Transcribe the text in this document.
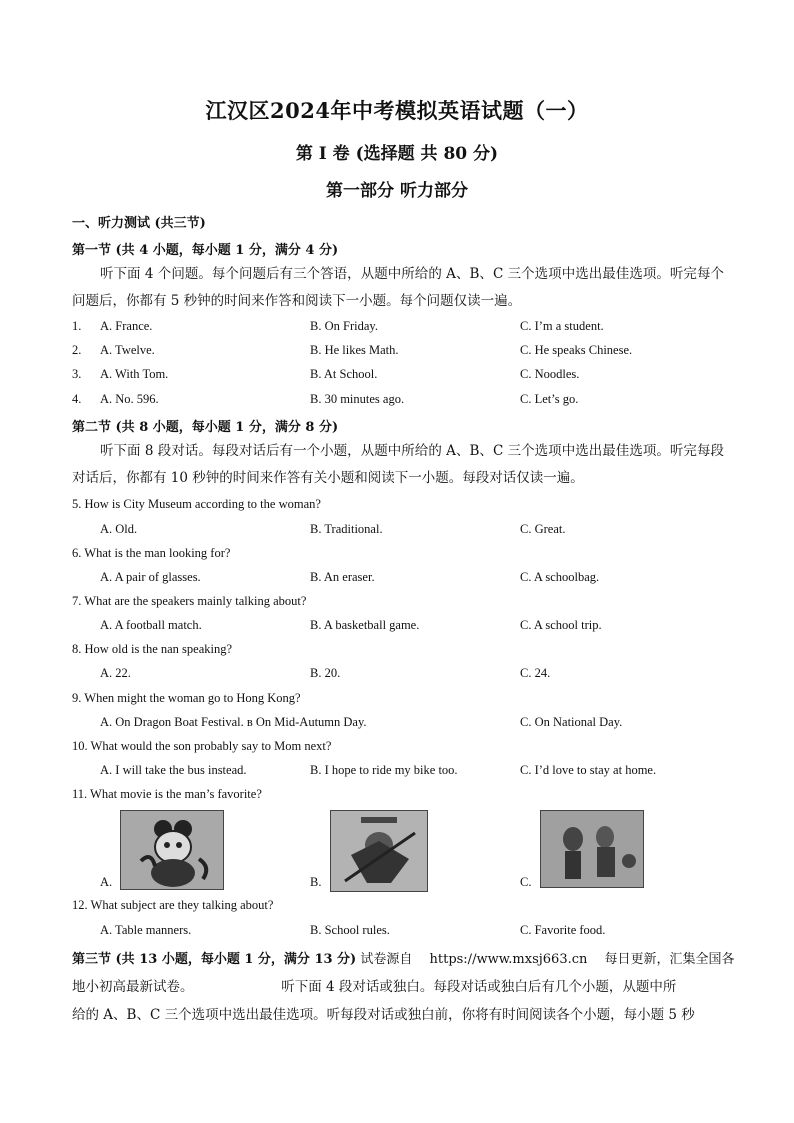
江汉区2024年中考模拟英语试题（一）
第 I 卷 (选择题 共 80 分)
第一部分 听力部分
一、听力测试 (共三节)
第一节 (共 4 小题，每小题 1 分，满分 4 分)
听下面 4 个问题。每个问题后有三个答语，从题中所给的 A、B、C 三个选项中选出最佳选项。听完每个问题后，你都有 5 秒钟的时间来作答和阅读下一小题。每个问题仅读一遍。
1. A. France.	B. On Friday.	C. I’m a student.
2. A. Twelve.	B. He likes Math.	C. He speaks Chinese.
3. A. With Tom.	B. At School.	C. Noodles.
4. A. No. 596.	B. 30 minutes ago.	C. Let’s go.
第二节 (共 8 小题，每小题 1 分，满分 8 分)
听下面 8 段对话。每段对话后有一个小题，从题中所给的 A、B、C 三个选项中选出最佳选项。听完每段对话后，你都有 10 秒钟的时间来作答有关小题和阅读下一小题。每段对话仅读一遍。
5. How is City Museum according to the woman?
A. Old.	B. Traditional.	C. Great.
6. What is the man looking for?
A. A pair of glasses.	B. An eraser.	C. A schoolbag.
7. What are the speakers mainly talking about?
A. A football match.	B. A basketball game.	C. A school trip.
8. How old is the nan speaking?
A. 22.	B. 20.	C. 24.
9. When might the woman go to Hong Kong?
A. On Dragon Boat Festival. в On Mid-Autumn Day.	C. On National Day.
10. What would the son probably say to Mom next?
A. I will take the bus instead.	B. I hope to ride my bike too.	C. I’d love to stay at home.
11. What movie is the man’s favorite?
A.	B.	C.
12. What subject are they talking about?
A. Table manners.	B. School rules.	C. Favorite food.
第三节 (共 13 小题，每小题 1 分，满分 13 分) 试卷源自　 https://www.mxsj663.cn　 每日更新，汇集全国各
地小初高最新试卷。　　　　　　　听下面 4 段对话或独白。每段对话或独白后有几个小题，从题中所
给的 A、B、C 三个选项中选出最佳选项。听每段对话或独白前，你将有时间阅读各个小题，每小题 5 秒
